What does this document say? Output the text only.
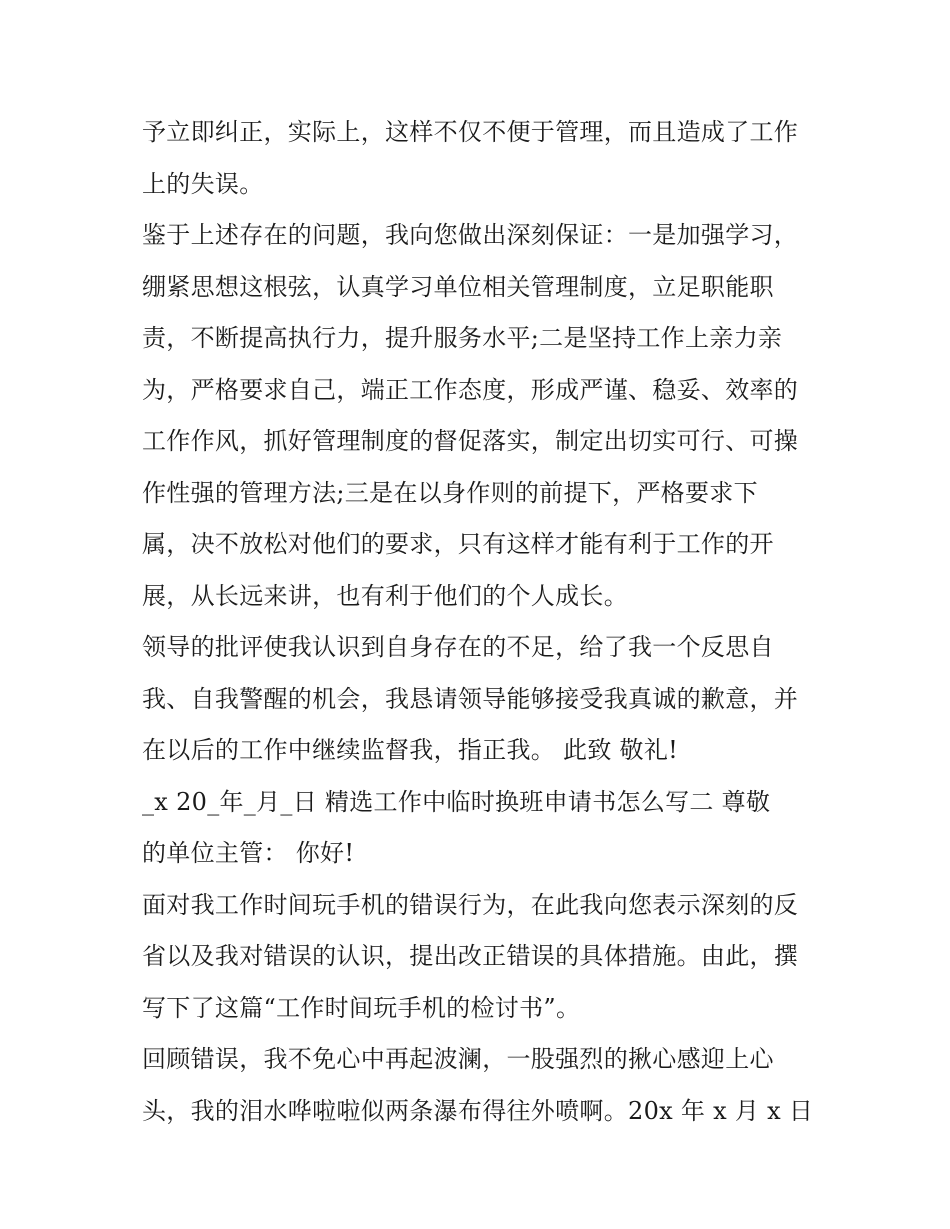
予立即纠正，实际上，这样不仅不便于管理，而且造成了工作
上的失误。
鉴于上述存在的问题，我向您做出深刻保证：一是加强学习，
绷紧思想这根弦，认真学习单位相关管理制度，立足职能职
责，不断提高执行力，提升服务水平;二是坚持工作上亲力亲
为，严格要求自己，端正工作态度，形成严谨、稳妥、效率的
工作作风，抓好管理制度的督促落实，制定出切实可行、可操
作性强的管理方法;三是在以身作则的前提下，严格要求下
属，决不放松对他们的要求，只有这样才能有利于工作的开
展，从长远来讲，也有利于他们的个人成长。
领导的批评使我认识到自身存在的不足，给了我一个反思自
我、自我警醒的机会，我恳请领导能够接受我真诚的歉意，并
在以后的工作中继续监督我，指正我。 此致 敬礼!
_x 20_年_月_日 精选工作中临时换班申请书怎么写二 尊敬
的单位主管： 你好!
面对我工作时间玩手机的错误行为，在此我向您表示深刻的反
省以及我对错误的认识，提出改正错误的具体措施。由此，撰
写下了这篇“工作时间玩手机的检讨书”。
回顾错误，我不免心中再起波澜，一股强烈的揪心感迎上心
头，我的泪水哗啦啦似两条瀑布得往外喷啊。20x 年 x 月 x 日
